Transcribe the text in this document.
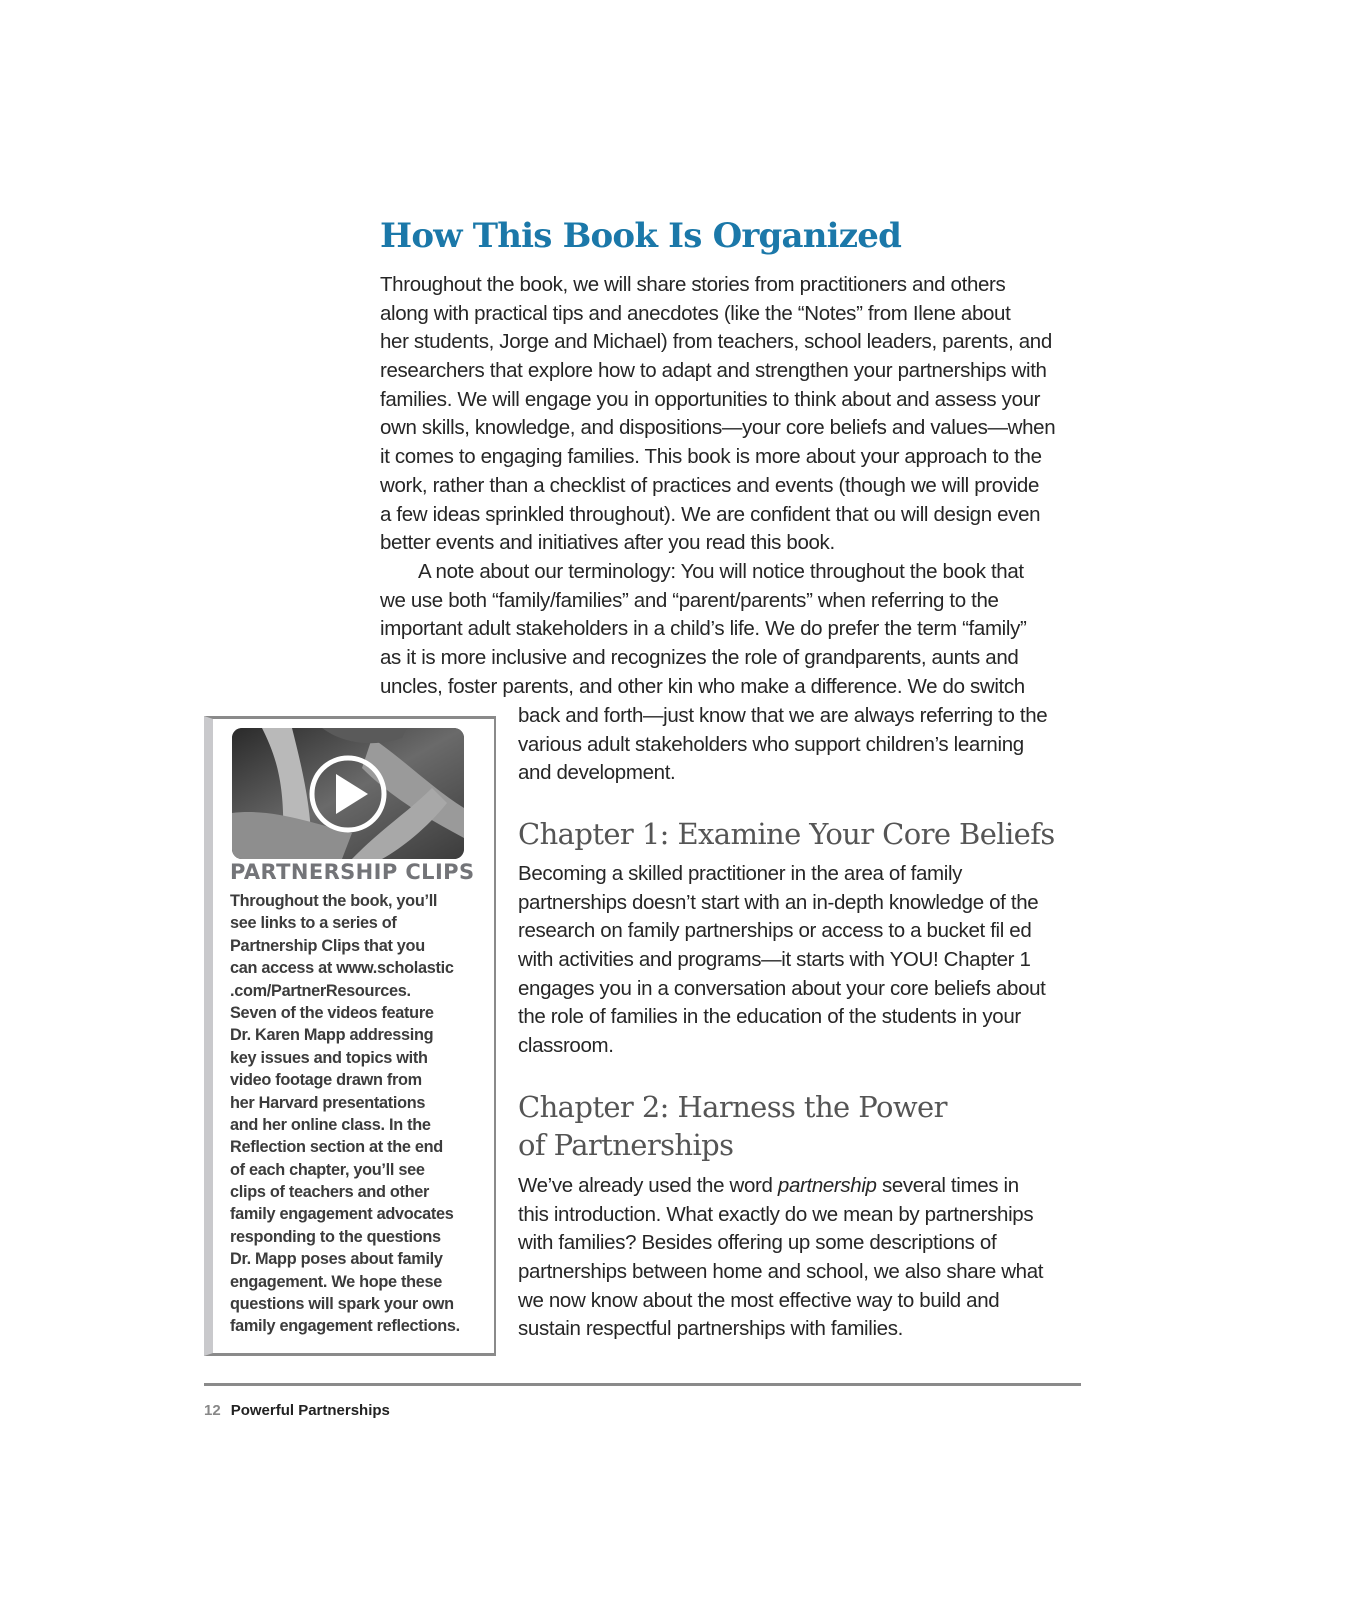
How This Book Is Organized
Throughout the book, we will share stories from practitioners and others
along with practical tips and anecdotes (like the “Notes” from Ilene about
her students, Jorge and Michael) from teachers, school leaders, parents, and
researchers that explore how to adapt and strengthen your partnerships with
families. We will engage you in opportunities to think about and assess your
own skills, knowledge, and dispositions—your core beliefs and values—when
it comes to engaging families. This book is more about your approach to the
work, rather than a checklist of practices and events (though we will provide
a few ideas sprinkled throughout). We are confident that ou will design even
better events and initiatives after you read this book.
A note about our terminology: You will notice throughout the book that
we use both “family/families” and “parent/parents” when referring to the
important adult stakeholders in a child’s life. We do prefer the term “family”
as it is more inclusive and recognizes the role of grandparents, aunts and
uncles, foster parents, and other kin who make a difference. We do switch
back and forth—just know that we are always referring to the
various adult stakeholders who support children’s learning
and development.
Chapter 1: Examine Your Core Beliefs
Becoming a skilled practitioner in the area of family
partnerships doesn’t start with an in-depth knowledge of the
research on family partnerships or access to a bucket fil ed
with activities and programs—it starts with YOU! Chapter 1
engages you in a conversation about your core beliefs about
the role of families in the education of the students in your
classroom.
Chapter 2: Harness the Power
of Partnerships
We’ve already used the word partnership several times in
this introduction. What exactly do we mean by partnerships
with families? Besides offering up some descriptions of
partnerships between home and school, we also share what
we now know about the most effective way to build and
sustain respectful partnerships with families.
PARTNERSHIP CLIPS
Throughout the book, you’ll
see links to a series of
Partnership Clips that you
can access at www.scholastic
.com/PartnerResources.
Seven of the videos feature
Dr. Karen Mapp addressing
key issues and topics with
video footage drawn from
her Harvard presentations
and her online class. In the
Reflection section at the end
of each chapter, you’ll see
clips of teachers and other
family engagement advocates
responding to the questions
Dr. Mapp poses about family
engagement. We hope these
questions will spark your own
family engagement reflections.
12 Powerful Partnerships
